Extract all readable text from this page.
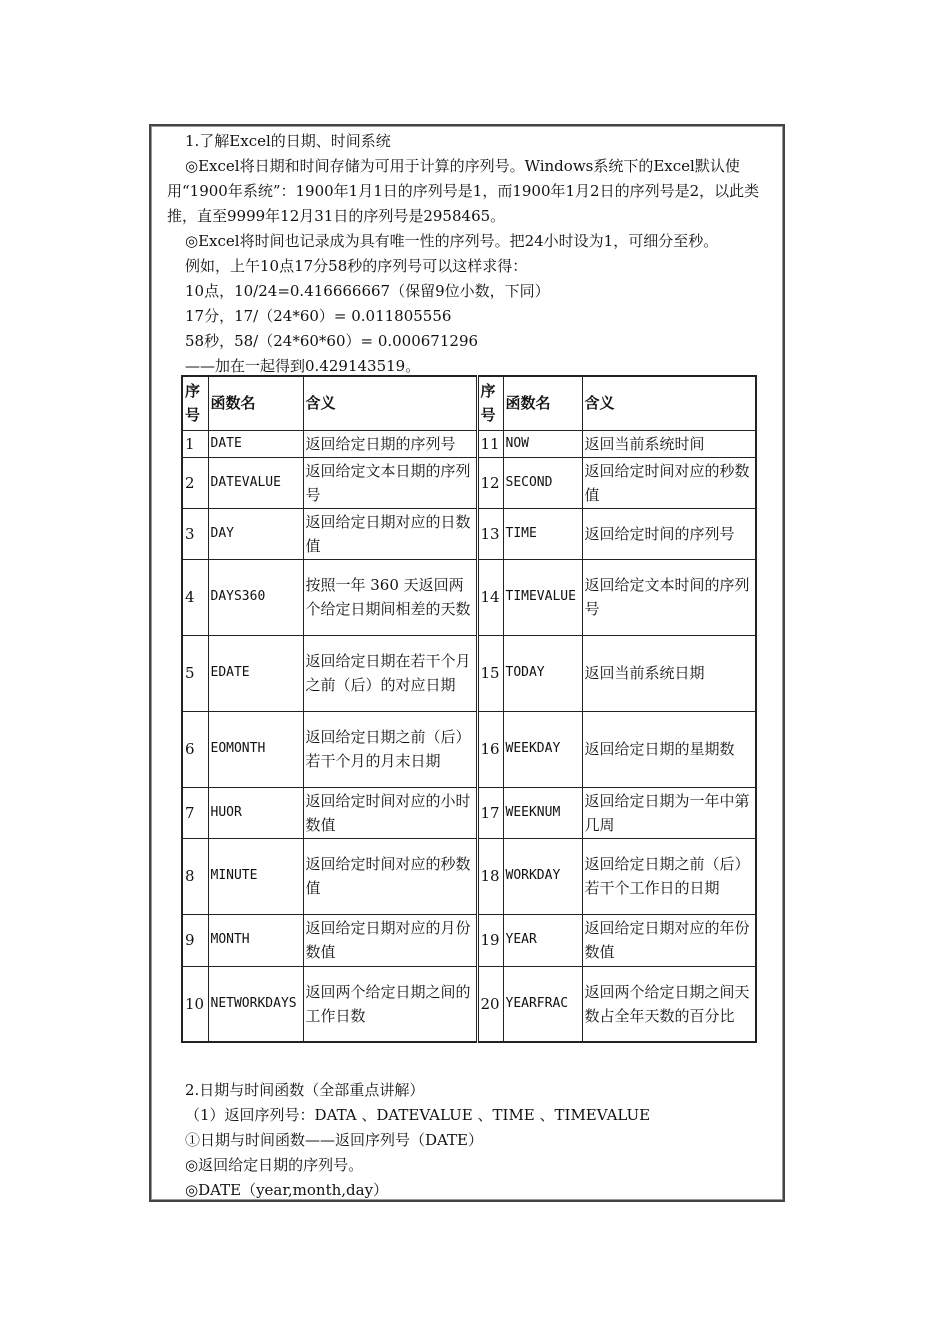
1.了解Excel的日期、时间系统
◎Excel将日期和时间存储为可用于计算的序列号。Windows系统下的Excel默认使用“1900年系统”：1900年1月1日的序列号是1，而1900年1月2日的序列号是2，以此类推，直至9999年12月31日的序列号是2958465。
◎Excel将时间也记录成为具有唯一性的序列号。把24小时设为1，可细分至秒。
例如，上午10点17分58秒的序列号可以这样求得：
10点，10/24=0.416666667（保留9位小数，下同）
17分，17/（24*60）= 0.011805556
58秒，58/（24*60*60）= 0.000671296
——加在一起得到0.429143519。
序号	函数名	含义	序号	函数名	含义
1	DATE	返回给定日期的序列号	11	NOW	返回当前系统时间
2	DATEVALUE	返回给定文本日期的序列号	12	SECOND	返回给定时间对应的秒数值
3	DAY	返回给定日期对应的日数值	13	TIME	返回给定时间的序列号
4	DAYS360	按照一年 360 天返回两个给定日期间相差的天数	14	TIMEVALUE	返回给定文本时间的序列号
5	EDATE	返回给定日期在若干个月之前（后）的对应日期	15	TODAY	返回当前系统日期
6	EOMONTH	返回给定日期之前（后）若干个月的月末日期	16	WEEKDAY	返回给定日期的星期数
7	HUOR	返回给定时间对应的小时数值	17	WEEKNUM	返回给定日期为一年中第几周
8	MINUTE	返回给定时间对应的秒数值	18	WORKDAY	返回给定日期之前（后）若干个工作日的日期
9	MONTH	返回给定日期对应的月份数值	19	YEAR	返回给定日期对应的年份数值
10	NETWORKDAYS	返回两个给定日期之间的工作日数	20	YEARFRAC	返回两个给定日期之间天数占全年天数的百分比
2.日期与时间函数（全部重点讲解）
（1）返回序列号：DATA 、DATEVALUE 、TIME 、TIMEVALUE
①日期与时间函数——返回序列号（DATE）
◎返回给定日期的序列号。
◎DATE（year,month,day）
